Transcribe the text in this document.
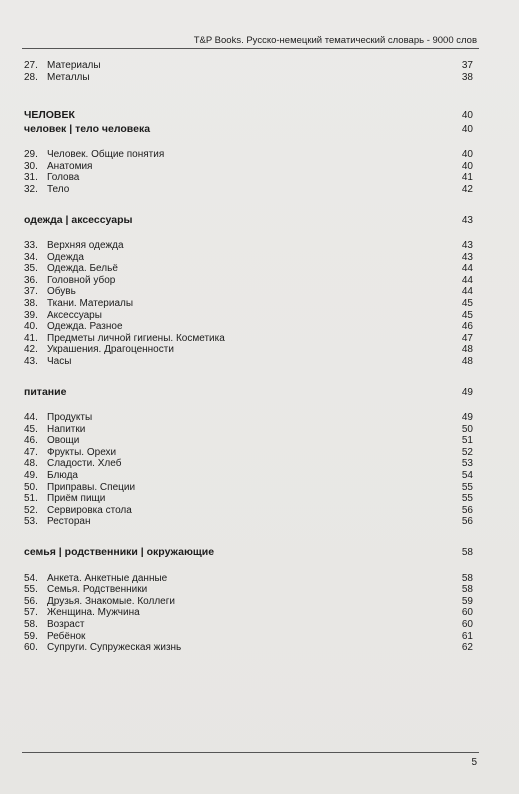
T&P Books. Русско-немецкий тематический словарь - 9000 слов
27. Материалы	37
28. Металлы	38
ЧЕЛОВЕК	40
человек | тело человека	40
29. Человек. Общие понятия	40
30. Анатомия	40
31. Голова	41
32. Тело	42
одежда | аксессуары	43
33. Верхняя одежда	43
34. Одежда	43
35. Одежда. Бельё	44
36. Головной убор	44
37. Обувь	44
38. Ткани. Материалы	45
39. Аксессуары	45
40. Одежда. Разное	46
41. Предметы личной гигиены. Косметика	47
42. Украшения. Драгоценности	48
43. Часы	48
питание	49
44. Продукты	49
45. Напитки	50
46. Овощи	51
47. Фрукты. Орехи	52
48. Сладости. Хлеб	53
49. Блюда	54
50. Приправы. Специи	55
51. Приём пищи	55
52. Сервировка стола	56
53. Ресторан	56
семья | родственники | окружающие	58
54. Анкета. Анкетные данные	58
55. Семья. Родственники	58
56. Друзья. Знакомые. Коллеги	59
57. Женщина. Мужчина	60
58. Возраст	60
59. Ребёнок	61
60. Супруги. Супружеская жизнь	62
5
